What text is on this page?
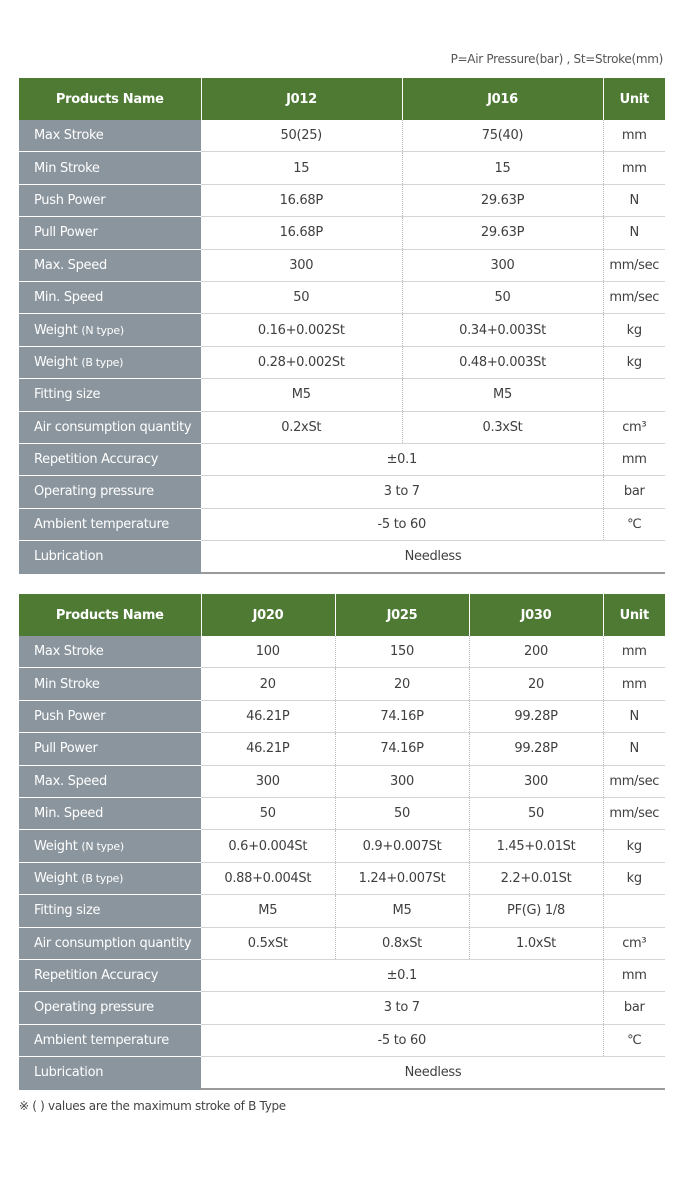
P=Air Pressure(bar) , St=Stroke(mm)
Products Name	J012	J016	Unit
Max Stroke	50(25)	75(40)	mm
Min Stroke	15	15	mm
Push Power	16.68P	29.63P	N
Pull Power	16.68P	29.63P	N
Max. Speed	300	300	mm/sec
Min. Speed	50	50	mm/sec
Weight (N type)	0.16+0.002St	0.34+0.003St	kg
Weight (B type)	0.28+0.002St	0.48+0.003St	kg
Fitting size	M5	M5	
Air consumption quantity	0.2xSt	0.3xSt	cm³
Repetition Accuracy	±0.1		mm
Operating pressure	3 to 7		bar
Ambient temperature	-5 to 60		℃
Lubrication	Needless		
Products Name	J020	J025	J030	Unit
Max Stroke	100	150	200	mm
Min Stroke	20	20	20	mm
Push Power	46.21P	74.16P	99.28P	N
Pull Power	46.21P	74.16P	99.28P	N
Max. Speed	300	300	300	mm/sec
Min. Speed	50	50	50	mm/sec
Weight (N type)	0.6+0.004St	0.9+0.007St	1.45+0.01St	kg
Weight (B type)	0.88+0.004St	1.24+0.007St	2.2+0.01St	kg
Fitting size	M5	M5	PF(G) 1/8	
Air consumption quantity	0.5xSt	0.8xSt	1.0xSt	cm³
Repetition Accuracy	±0.1			mm
Operating pressure	3 to 7			bar
Ambient temperature	-5 to 60			℃
Lubrication	Needless			
※ ( ) values are the maximum stroke of B Type
